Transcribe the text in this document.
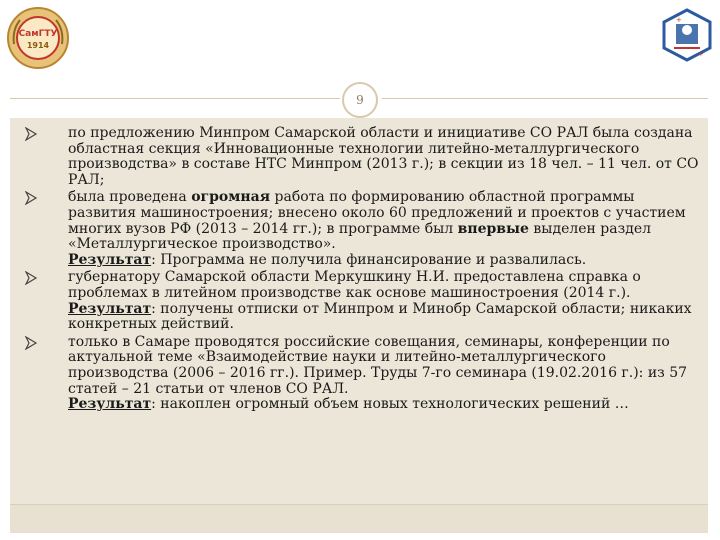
СамГТУ
1914
+
+
9
по предложению Минпром Самарской области и инициативе СО РАЛ была создана областная секция «Инновационные технологии литейно-металлургического производства» в составе НТС Минпром (2013 г.); в секции из 18 чел. – 11 чел. от СО РАЛ;
была проведена огромная работа по формированию областной программы развития машиностроения; внесено около 60 предложений и проектов с участием многих вузов РФ (2013 – 2014 гг.); в программе был впервые выделен раздел «Металлургическое производство».
Результат: Программа не получила финансирование и развалилась.
губернатору Самарской области Меркушкину Н.И. предоставлена справка о проблемах в литейном производстве как основе машиностроения (2014 г.).
Результат: получены отписки от Минпром и Минобр Самарской области; никаких конкретных действий.
только в Самаре проводятся российские совещания, семинары, конференции по актуальной теме «Взаимодействие науки и литейно-металлургического производства (2006 – 2016 гг.). Пример. Труды 7-го семинара (19.02.2016 г.): из 57 статей – 21 статьи от членов СО РАЛ.
Результат: накоплен огромный объем новых технологических решений …
